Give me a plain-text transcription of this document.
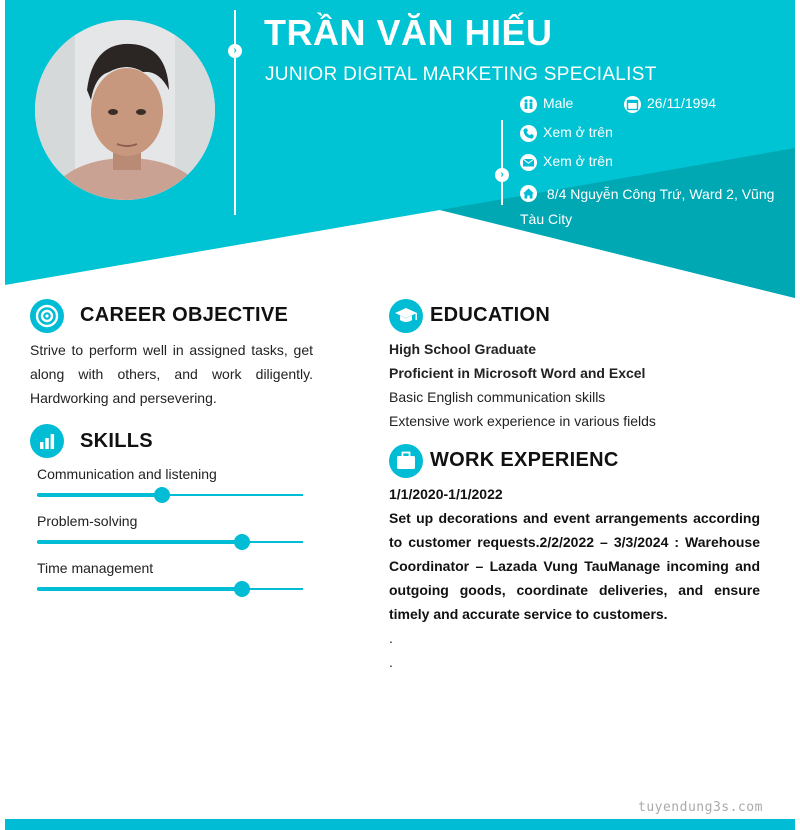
›
›
TRẦN VĂN HIẾU
JUNIOR DIGITAL MARKETING SPECIALIST
Male	26/11/1994
Xem ở trên
Xem ở trên
8/4 Nguyễn Công Trứ, Ward 2, Vũng Tàu City
CAREER OBJECTIVE
Strive to perform well in assigned tasks, get along with others, and work diligently. Hardworking and persevering.
SKILLS
Communication and listening
Problem-solving
Time management
EDUCATION
High School Graduate
Proficient in Microsoft Word and Excel
Basic English communication skills
Extensive work experience in various fields
WORK EXPERIENC
1/1/2020-1/1/2022
Set up decorations and event arrangements according to customer requests.2/2/2022 – 3/3/2024 : Warehouse Coordinator – Lazada Vung TauManage incoming and outgoing goods, coordinate deliveries, and ensure timely and accurate service to customers.
.
.
tuyendung3s.com
